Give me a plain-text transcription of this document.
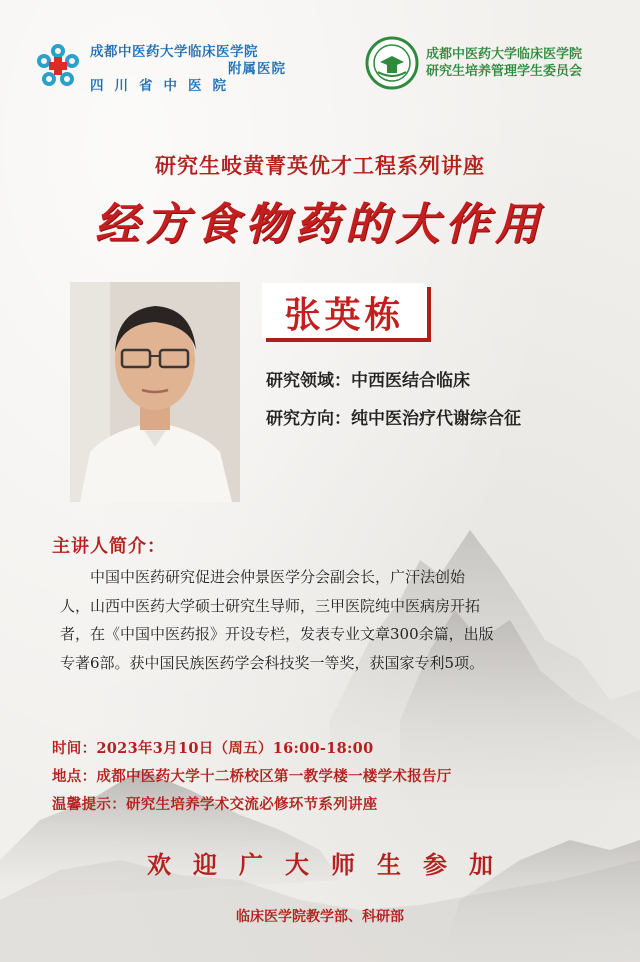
成都中医药大学临床医学院
附属医院
四川省中医院
成都中医药大学临床医学院
研究生培养管理学生委员会
研究生岐黄菁英优才工程系列讲座
经方食物药的大作用
张英栋
研究领域：中西医结合临床
研究方向：纯中医治疗代谢综合征
主讲人简介：
　　中国中医药研究促进会仲景医学分会副会长，广汗法创始
人，山西中医药大学硕士研究生导师，三甲医院纯中医病房开拓
者，在《中国中医药报》开设专栏，发表专业文章300余篇，出版
专著6部。获中国民族医药学会科技奖一等奖，获国家专利5项。
时间：2023年3月10日（周五）16:00-18:00
地点：成都中医药大学十二桥校区第一教学楼一楼学术报告厅
温馨提示：研究生培养学术交流必修环节系列讲座
欢迎广大师生参加
临床医学院教学部、科研部
